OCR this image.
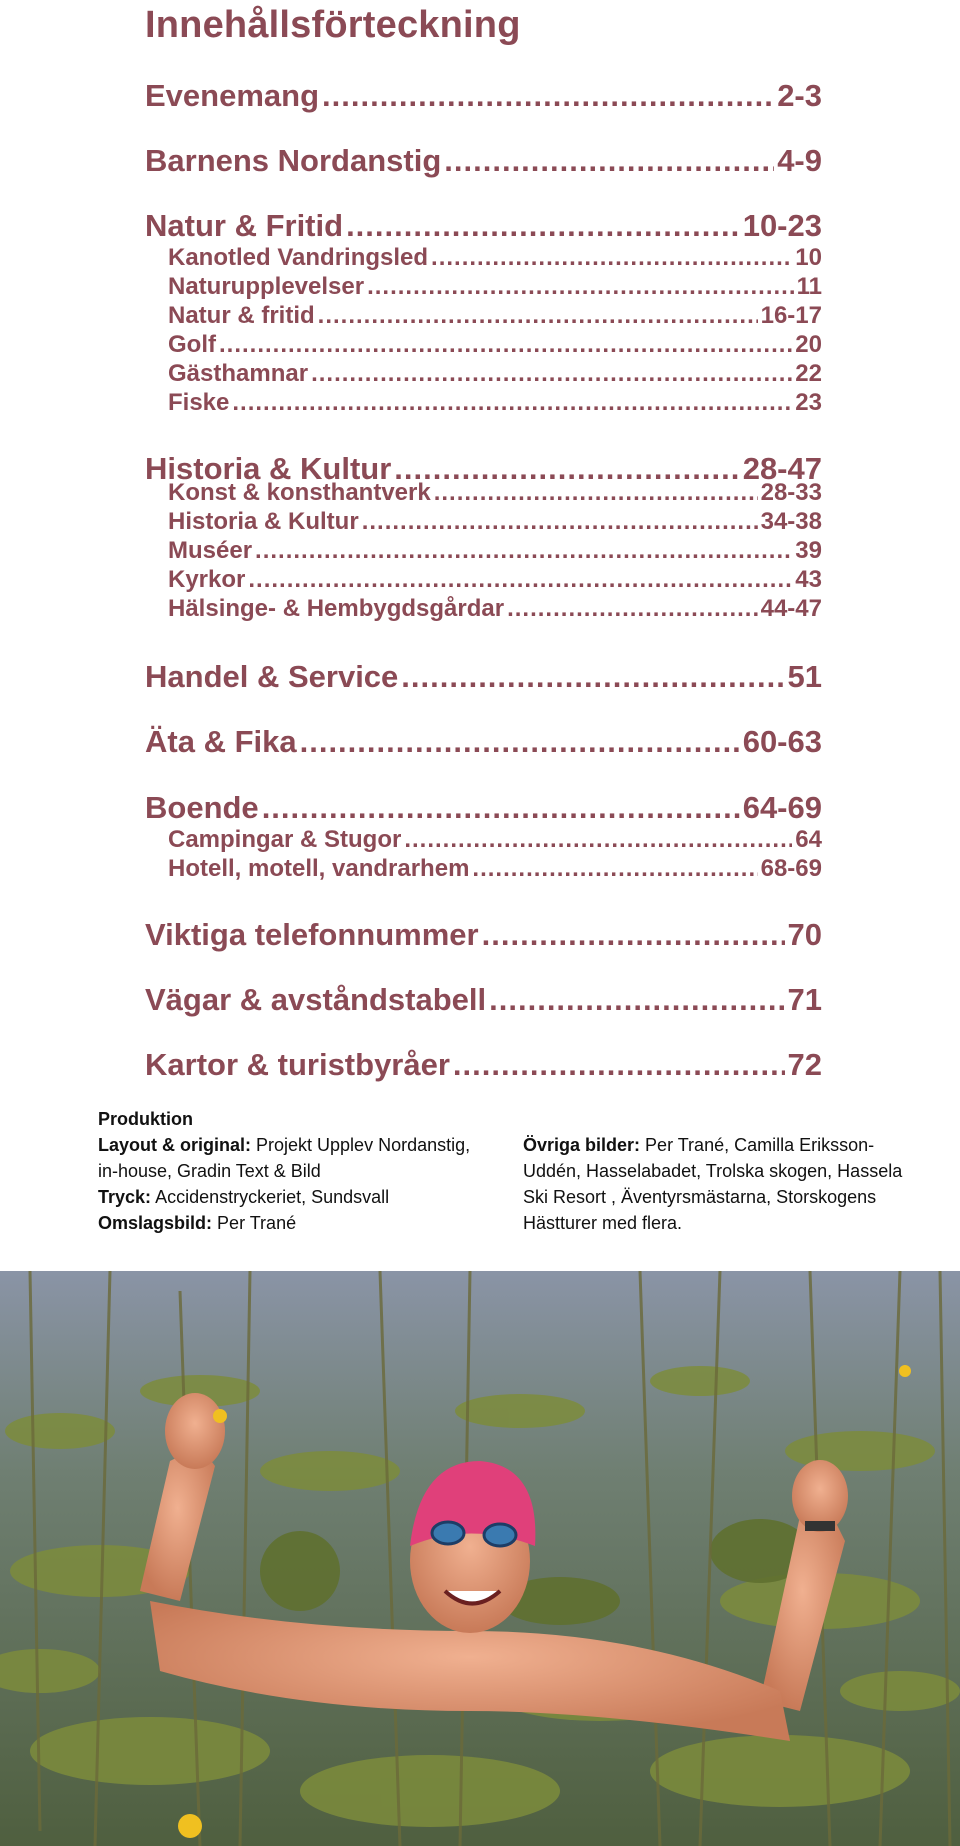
Innehållsförteckning
Evenemang .....	2-3
Barnens Nordanstig .....	4-9
Natur & Fritid .....	10-23
Kanotled Vandringsled .....	10
Naturupplevelser .....	11
Natur & fritid .....	16-17
Golf .....	20
Gästhamnar .....	22
Fiske .....	23
Historia & Kultur .....	28-47
Konst & konsthantverk .....	28-33
Historia & Kultur .....	34-38
Muséer .....	39
Kyrkor .....	43
Hälsinge- & Hembygdsgårdar .....	44-47
Handel & Service .....	51
Äta & Fika .....	60-63
Boende .....	64-69
Campingar & Stugor .....	64
Hotell, motell, vandrarhem .....	68-69
Viktiga telefonnummer .....	70
Vägar & avståndstabell .....	71
Kartor & turistbyråer .....	72
Produktion
Layout & original: Projekt Upplev Nordanstig, in-house, Gradin Text & Bild
Tryck: Accidenstryckeriet, Sundsvall
Omslagsbild: Per Trané
Övriga bilder: Per Trané, Camilla Eriksson-Uddén, Hasselabadet, Trolska skogen, Hassela Ski Resort , Äventyrsmästarna, Storskogens Hästturer med flera.
